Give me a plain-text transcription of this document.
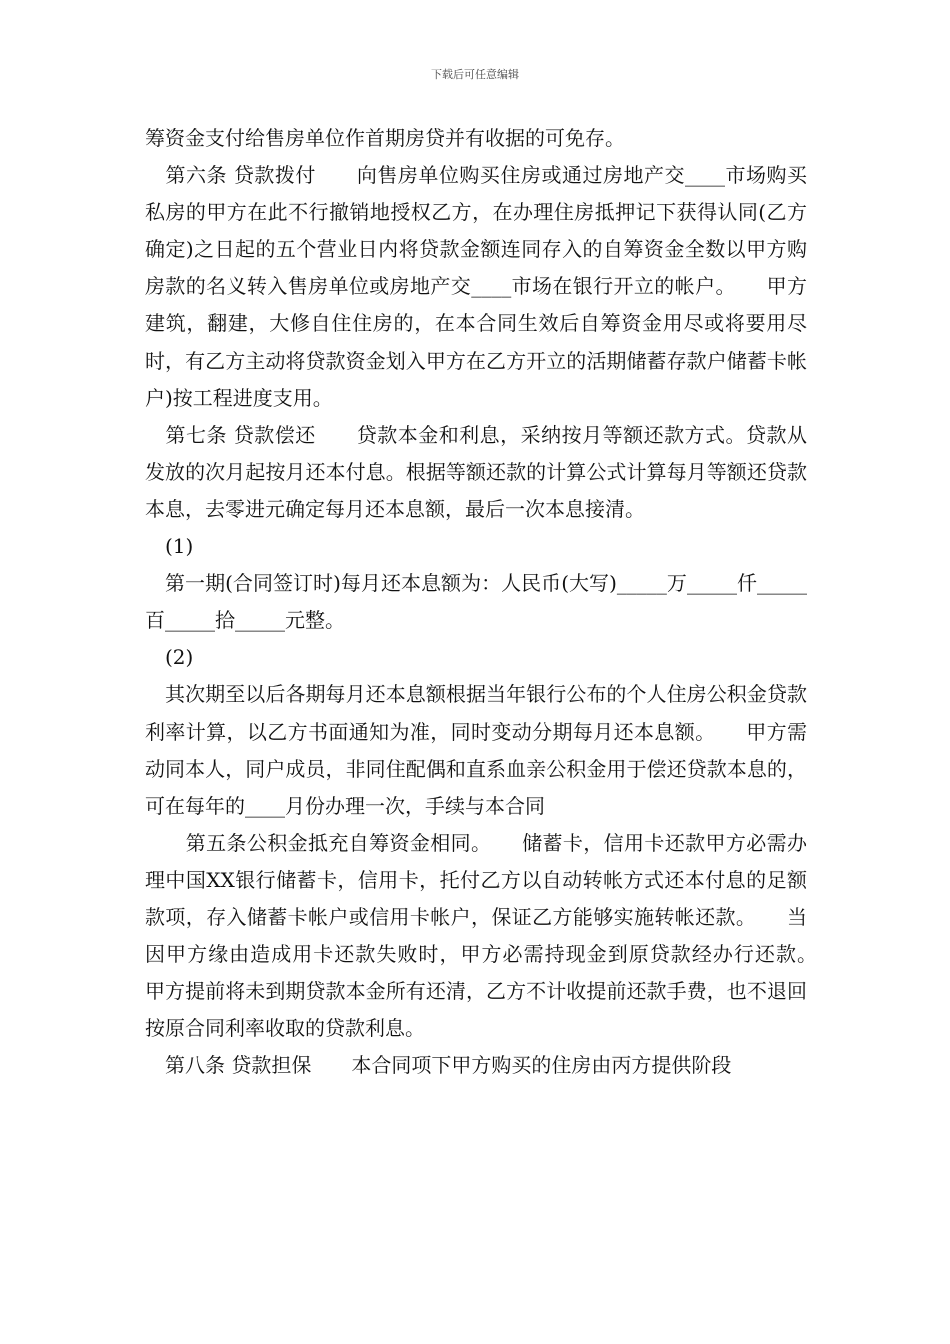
下载后可任意编辑

筹资金支付给售房单位作首期房贷并有收据的可免存。

　第六条 贷款拨付　　向售房单位购买住房或通过房地产交____市场购买私房的甲方在此不行撤销地授权乙方，在办理住房抵押记下获得认同(乙方确定)之日起的五个营业日内将贷款金额连同存入的自筹资金全数以甲方购房款的名义转入售房单位或房地产交____市场在银行开立的帐户。　　甲方建筑，翻建，大修自住住房的，在本合同生效后自筹资金用尽或将要用尽时，有乙方主动将贷款资金划入甲方在乙方开立的活期储蓄存款户储蓄卡帐户)按工程进度支用。

　第七条 贷款偿还　　贷款本金和利息，采纳按月等额还款方式。贷款从发放的次月起按月还本付息。根据等额还款的计算公式计算每月等额还贷款本息，去零进元确定每月还本息额，最后一次本息接清。

　(1)

　第一期(合同签订时)每月还本息额为：人民币(大写)_____万_____仟_____百_____拾_____元整。

　(2)

　其次期至以后各期每月还本息额根据当年银行公布的个人住房公积金贷款利率计算，以乙方书面通知为准，同时变动分期每月还本息额。　　甲方需动同本人，同户成员，非同住配偶和直系血亲公积金用于偿还贷款本息的，可在每年的____月份办理一次，手续与本合同

　　第五条公积金抵充自筹资金相同。　　储蓄卡，信用卡还款甲方必需办理中国XX银行储蓄卡，信用卡，托付乙方以自动转帐方式还本付息的足额款项，存入储蓄卡帐户或信用卡帐户，保证乙方能够实施转帐还款。　　当因甲方缘由造成用卡还款失败时，甲方必需持现金到原贷款经办行还款。　　甲方提前将未到期贷款本金所有还清，乙方不计收提前还款手费，也不退回按原合同利率收取的贷款利息。

　第八条 贷款担保　　本合同项下甲方购买的住房由丙方提供阶段
